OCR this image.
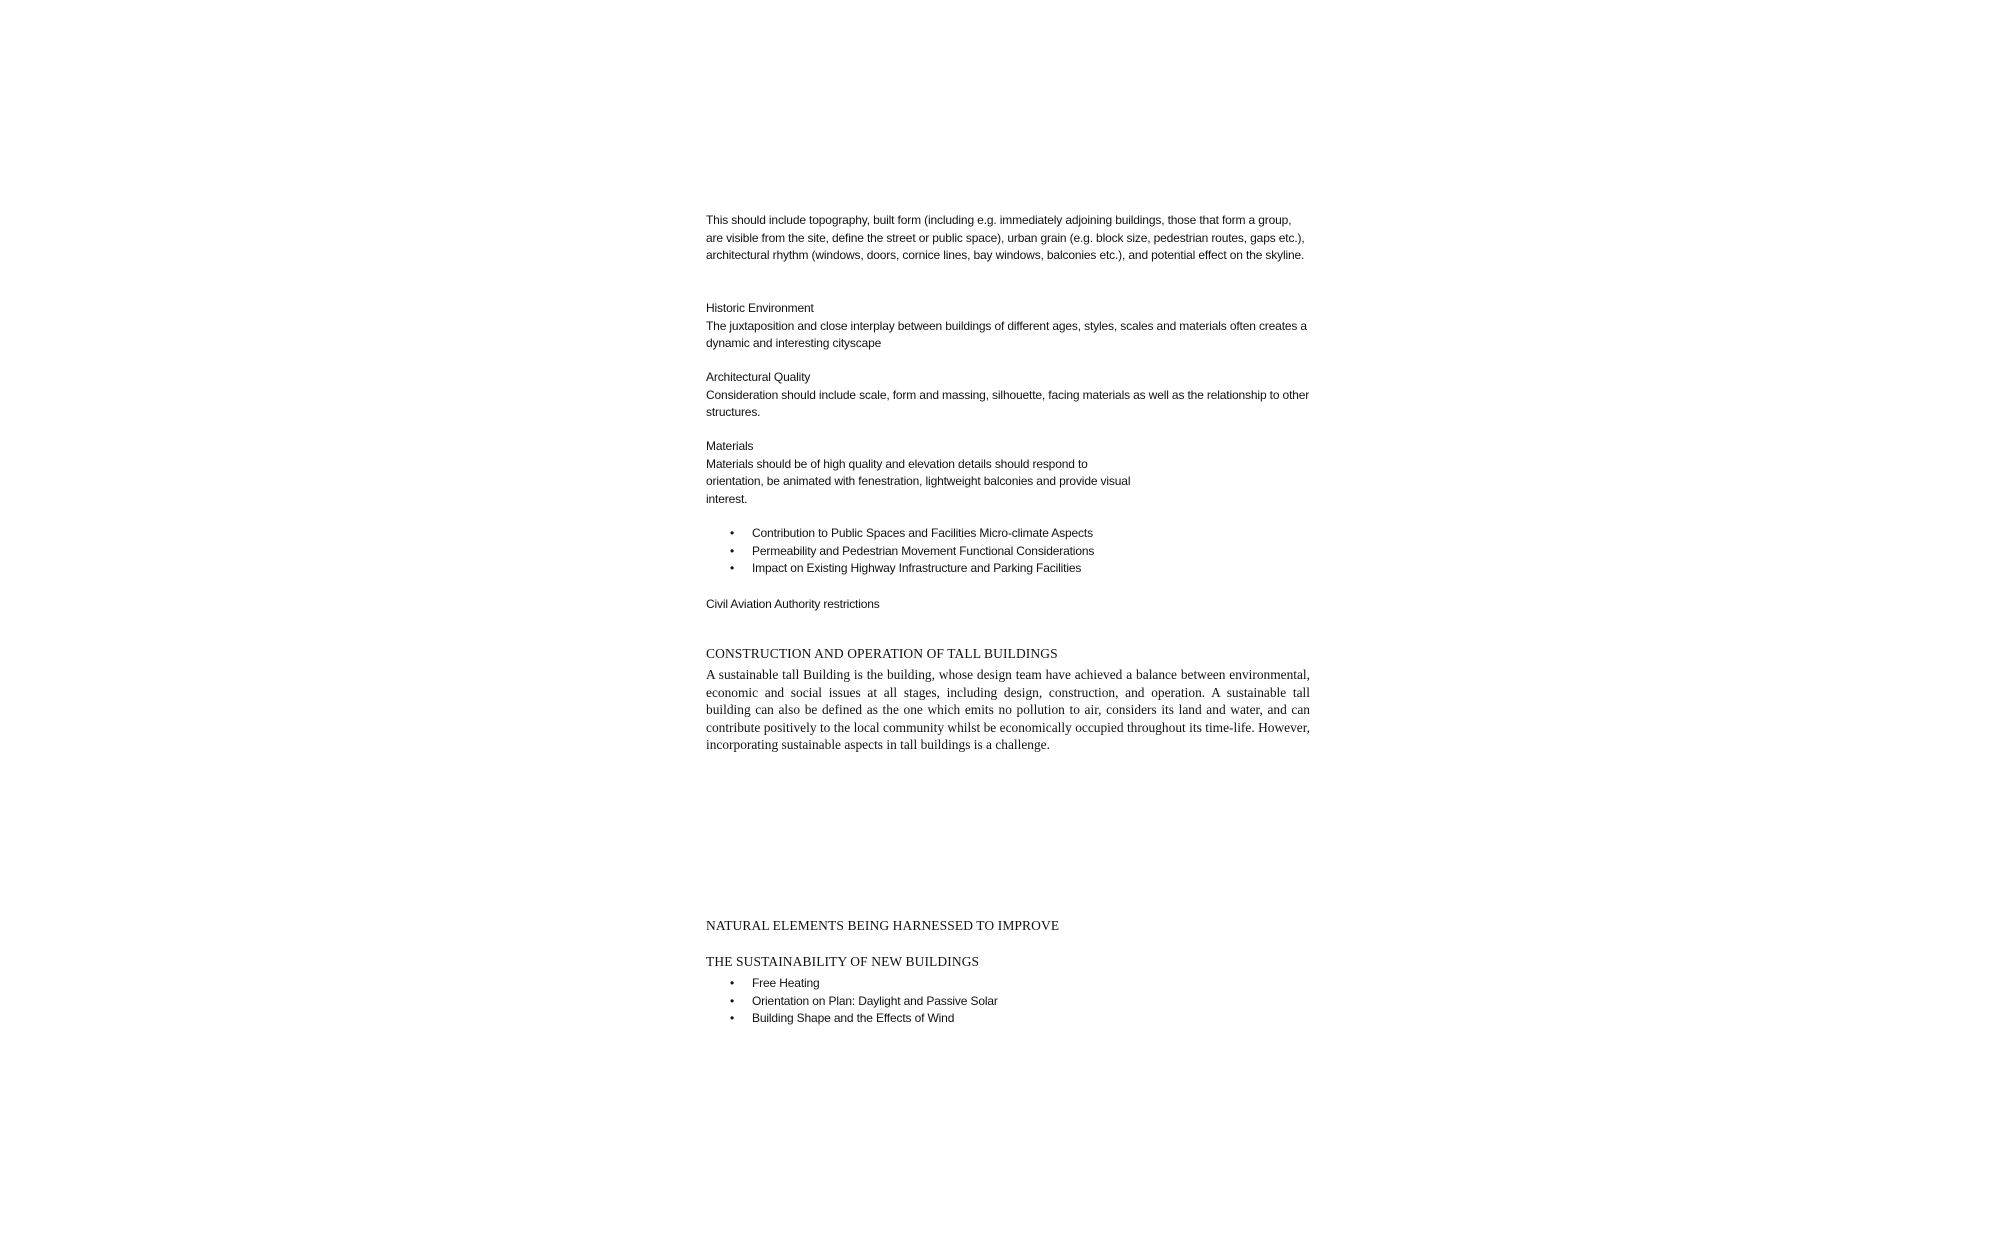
This should include topography, built form (including e.g. immediately adjoining buildings, those that form a group, are visible from the site, define the street or public space), urban grain (e.g. block size, pedestrian routes, gaps etc.), architectural rhythm (windows, doors, cornice lines, bay windows, balconies etc.), and potential effect on the skyline.

Historic Environment

The juxtaposition and close interplay between buildings of different ages, styles, scales and materials often creates a dynamic and interesting cityscape

Architectural Quality

Consideration should include scale, form and massing, silhouette, facing materials as well as the relationship to other structures.

Materials

Materials should be of high quality and elevation details should respond to

orientation, be animated with fenestration, lightweight balconies and provide visual

interest.

• Contribution to Public Spaces and Facilities Micro-climate Aspects
• Permeability and Pedestrian Movement Functional Considerations
• Impact on Existing Highway Infrastructure and Parking Facilities

Civil Aviation Authority restrictions

CONSTRUCTION AND OPERATION OF TALL BUILDINGS

A sustainable tall Building is the building, whose design team have achieved a balance between environmental, economic and social issues at all stages, including design, construction, and operation. A sustainable tall building can also be defined as the one which emits no pollution to air, considers its land and water, and can contribute positively to the local community whilst be economically occupied throughout its time-life. However, incorporating sustainable aspects in tall buildings is a challenge.

NATURAL ELEMENTS BEING HARNESSED TO IMPROVE
THE SUSTAINABILITY OF NEW BUILDINGS
• Free Heating
• Orientation on Plan: Daylight and Passive Solar
• Building Shape and the Effects of Wind
